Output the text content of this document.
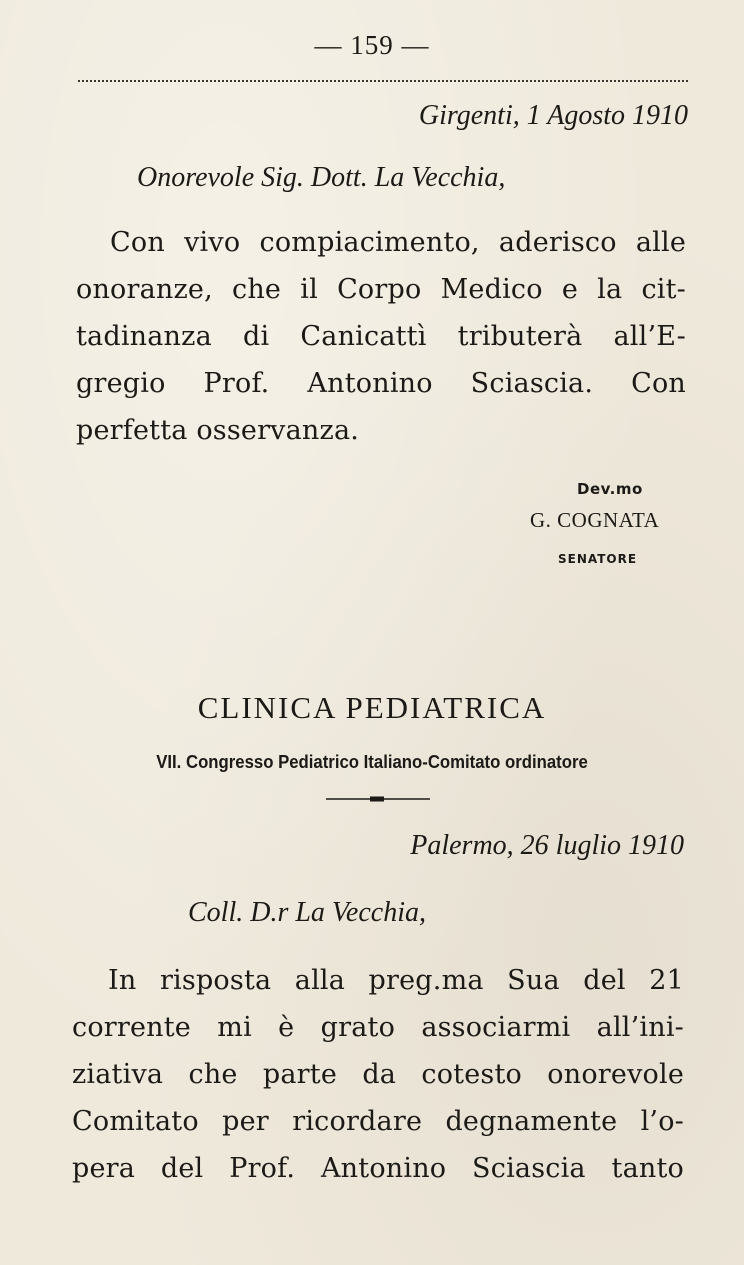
— 159 —
Girgenti, 1 Agosto 1910
Onorevole Sig. Dott. La Vecchia,
Con vivo compiacimento, aderisco alle
onoranze, che il Corpo Medico e la cit-
tadinanza di Canicattì tributerà all’E-
gregio Prof. Antonino Sciascia. Con
perfetta osservanza.
Dev.mo
G. COGNATA
SENATORE
CLINICA PEDIATRICA
VII. Congresso Pediatrico Italiano-Comitato ordinatore
Palermo, 26 luglio 1910
Coll. D.r La Vecchia,
In risposta alla preg.ma Sua del 21
corrente mi è grato associarmi all’ini-
ziativa che parte da cotesto onorevole
Comitato per ricordare degnamente l’o-
pera del Prof. Antonino Sciascia tanto
